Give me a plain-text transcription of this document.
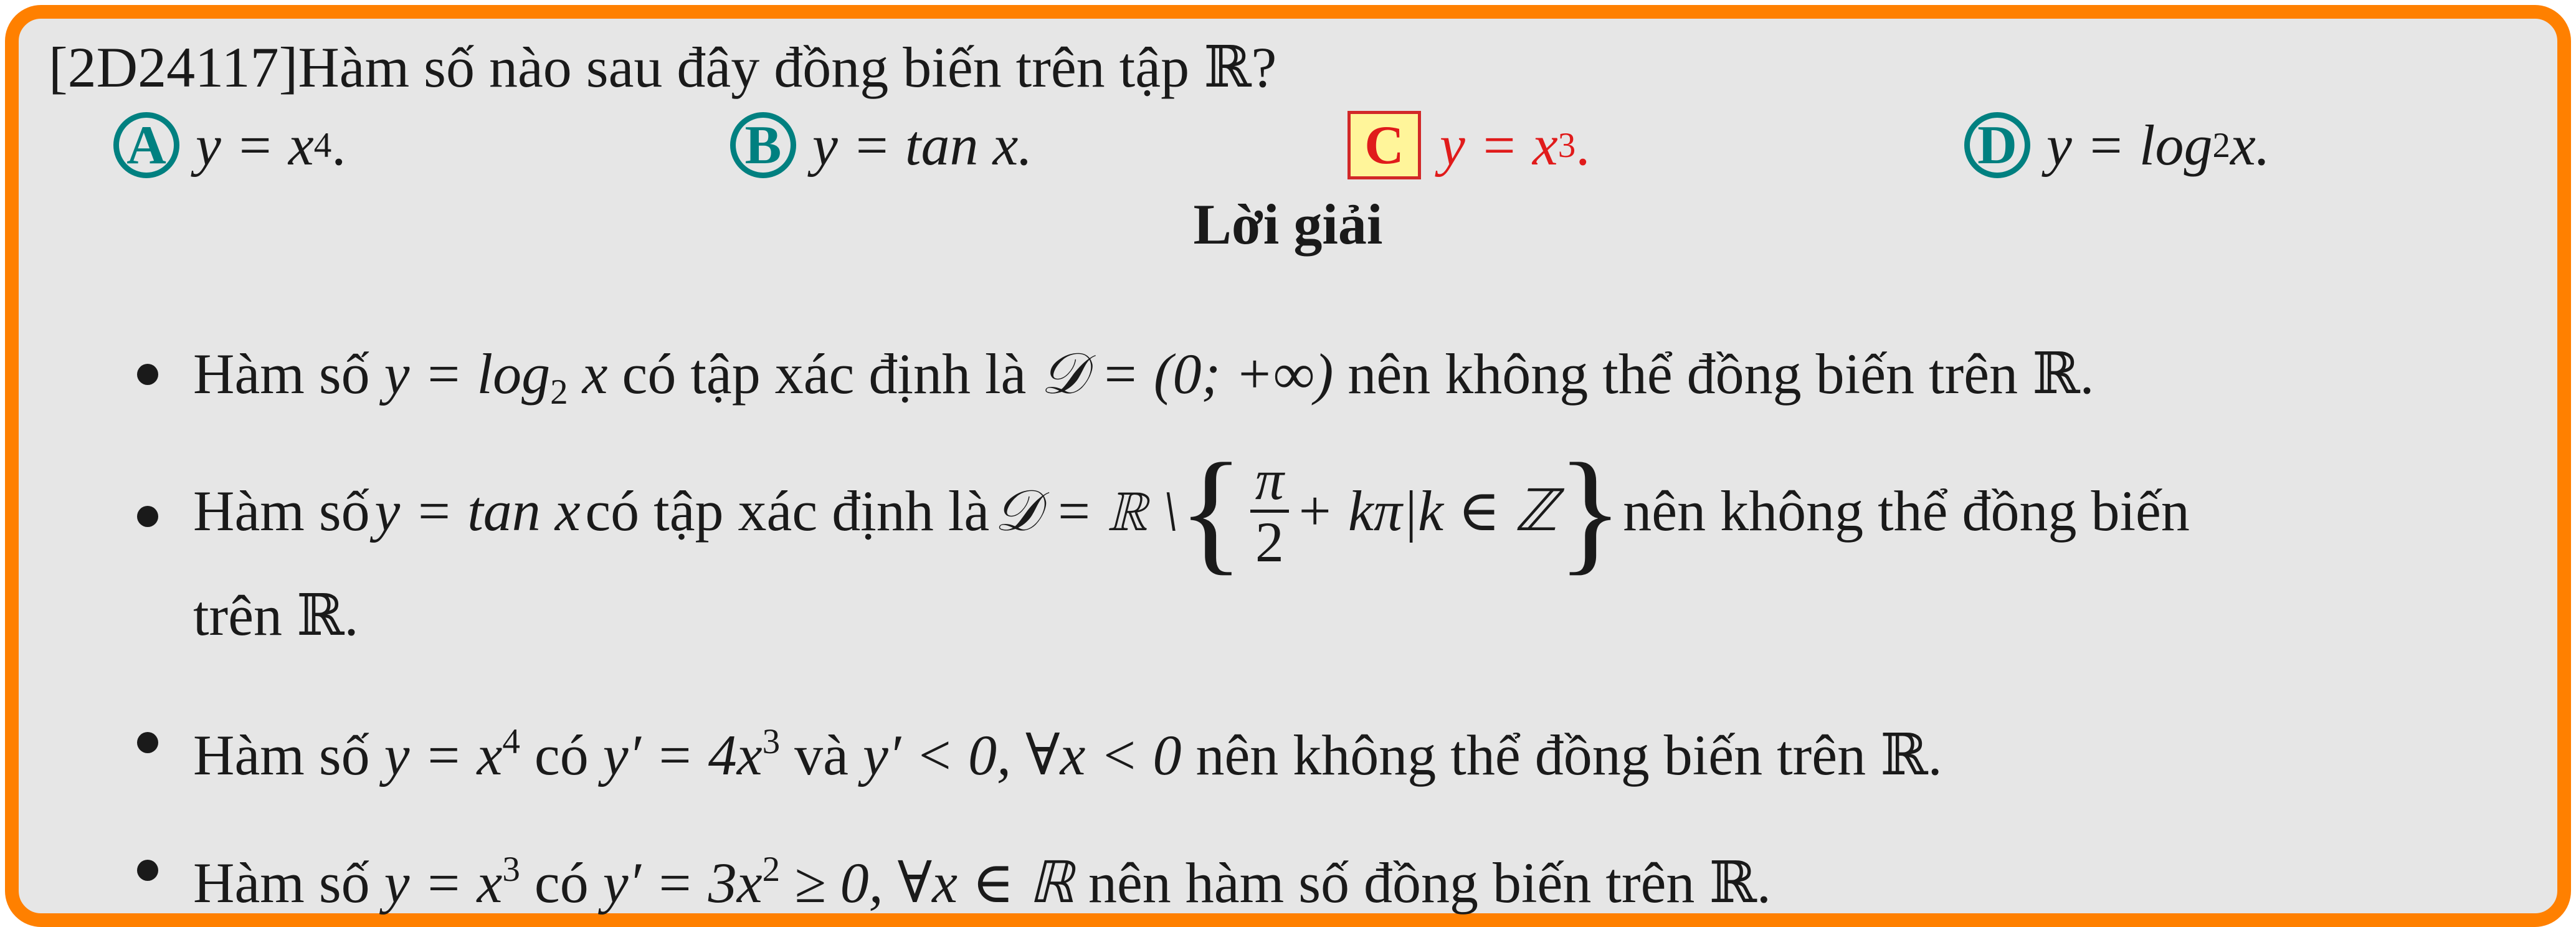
[2D24117]Hàm số nào sau đây đồng biến trên tập ℝ?
A y = x 4 .	B y = tan x.	C y = x 3 .	D y = log 2 x.
Lời giải
Hàm số $y = \log_2 x$ có tập xác định là 𝒟 = (0; +∞) nên không thể đồng biến trên ℝ.
Hàm số
  y = tan x
  có tập xác định là
  𝒟 = ℝ \ { $\frac{\pi}{2} + k\pi|k$ ∈ ℤ } nên không thể đồng biến
trên ℝ.
Hàm số $y = x^4$ có $y' = 4x^3$ và y′ < 0, ∀x < 0 nên không thể đồng biến trên ℝ.
Hàm số $y = x^3$ có $y' = 3x^2 \ge 0$, ∀x ∈ ℝ nên hàm số đồng biến trên ℝ.
